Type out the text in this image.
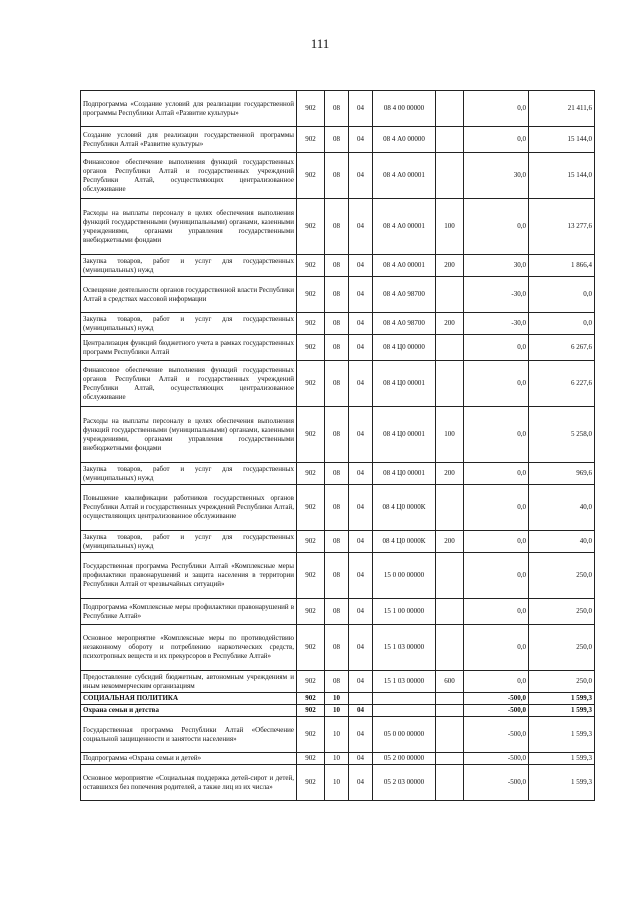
111
Подпрограмма «Создание условий для реализации государственной программы Республики Алтай «Развитие культуры»	902	08	04	08 4 00 00000		0,0	21 411,6
Создание условий для реализации государственной программы Республики Алтай «Развитие культуры»	902	08	04	08 4 А0 00000		0,0	15 144,0
Финансовое обеспечение выполнения функций государственных органов Республики Алтай и государственных учреждений Республики Алтай, осуществляющих централизованное обслуживание	902	08	04	08 4 А0 00001		30,0	15 144,0
Расходы на выплаты персоналу в целях обеспечения выполнения функций государственными (муниципальными) органами, казенными учреждениями, органами управления государственными внебюджетными фондами	902	08	04	08 4 А0 00001	100	0,0	13 277,6
Закупка товаров, работ и услуг для государственных (муниципальных) нужд	902	08	04	08 4 А0 00001	200	30,0	1 866,4
Освещение деятельности органов государственной власти Республики Алтай в средствах массовой информации	902	08	04	08 4 А0 98700		-30,0	0,0
Закупка товаров, работ и услуг для государственных (муниципальных) нужд	902	08	04	08 4 А0 98700	200	-30,0	0,0
Централизация функций бюджетного учета в рамках государственных программ Республики Алтай	902	08	04	08 4 Ц0 00000		0,0	6 267,6
Финансовое обеспечение выполнения функций государственных органов Республики Алтай и государственных учреждений Республики Алтай, осуществляющих централизованное обслуживание	902	08	04	08 4 Ц0 00001		0,0	6 227,6
Расходы на выплаты персоналу в целях обеспечения выполнения функций государственными (муниципальными) органами, казенными учреждениями, органами управления государственными внебюджетными фондами	902	08	04	08 4 Ц0 00001	100	0,0	5 258,0
Закупка товаров, работ и услуг для государственных (муниципальных) нужд	902	08	04	08 4 Ц0 00001	200	0,0	969,6
Повышение квалификации работников государственных органов Республики Алтай и государственных учреждений Республики Алтай, осуществляющих централизованное обслуживание	902	08	04	08 4 Ц0 0000К		0,0	40,0
Закупка товаров, работ и услуг для государственных (муниципальных) нужд	902	08	04	08 4 Ц0 0000К	200	0,0	40,0
Государственная программа Республики Алтай «Комплексные меры профилактики правонарушений и защита населения в территории Республики Алтай от чрезвычайных ситуаций»	902	08	04	15 0 00 00000		0,0	250,0
Подпрограмма «Комплексные меры профилактики правонарушений в Республике Алтай»	902	08	04	15 1 00 00000		0,0	250,0
Основное мероприятие «Комплексные меры по противодействию незаконному обороту и потреблению наркотических средств, психотропных веществ и их прекурсоров в Республике Алтай»	902	08	04	15 1 03 00000		0,0	250,0
Предоставление субсидий бюджетным, автономным учреждениям и иным некоммерческим организациям	902	08	04	15 1 03 00000	600	0,0	250,0
СОЦИАЛЬНАЯ ПОЛИТИКА	902	10				-500,0	1 599,3
Охрана семьи и детства	902	10	04			-500,0	1 599,3
Государственная программа Республики Алтай «Обеспечение социальной защищенности и занятости населения»	902	10	04	05 0 00 00000		-500,0	1 599,3
Подпрограмма «Охрана семьи и детей»	902	10	04	05 2 00 00000		-500,0	1 599,3
Основное мероприятие «Социальная поддержка детей-сирот и детей, оставшихся без попечения родителей, а также лиц из их числа»	902	10	04	05 2 03 00000		-500,0	1 599,3
